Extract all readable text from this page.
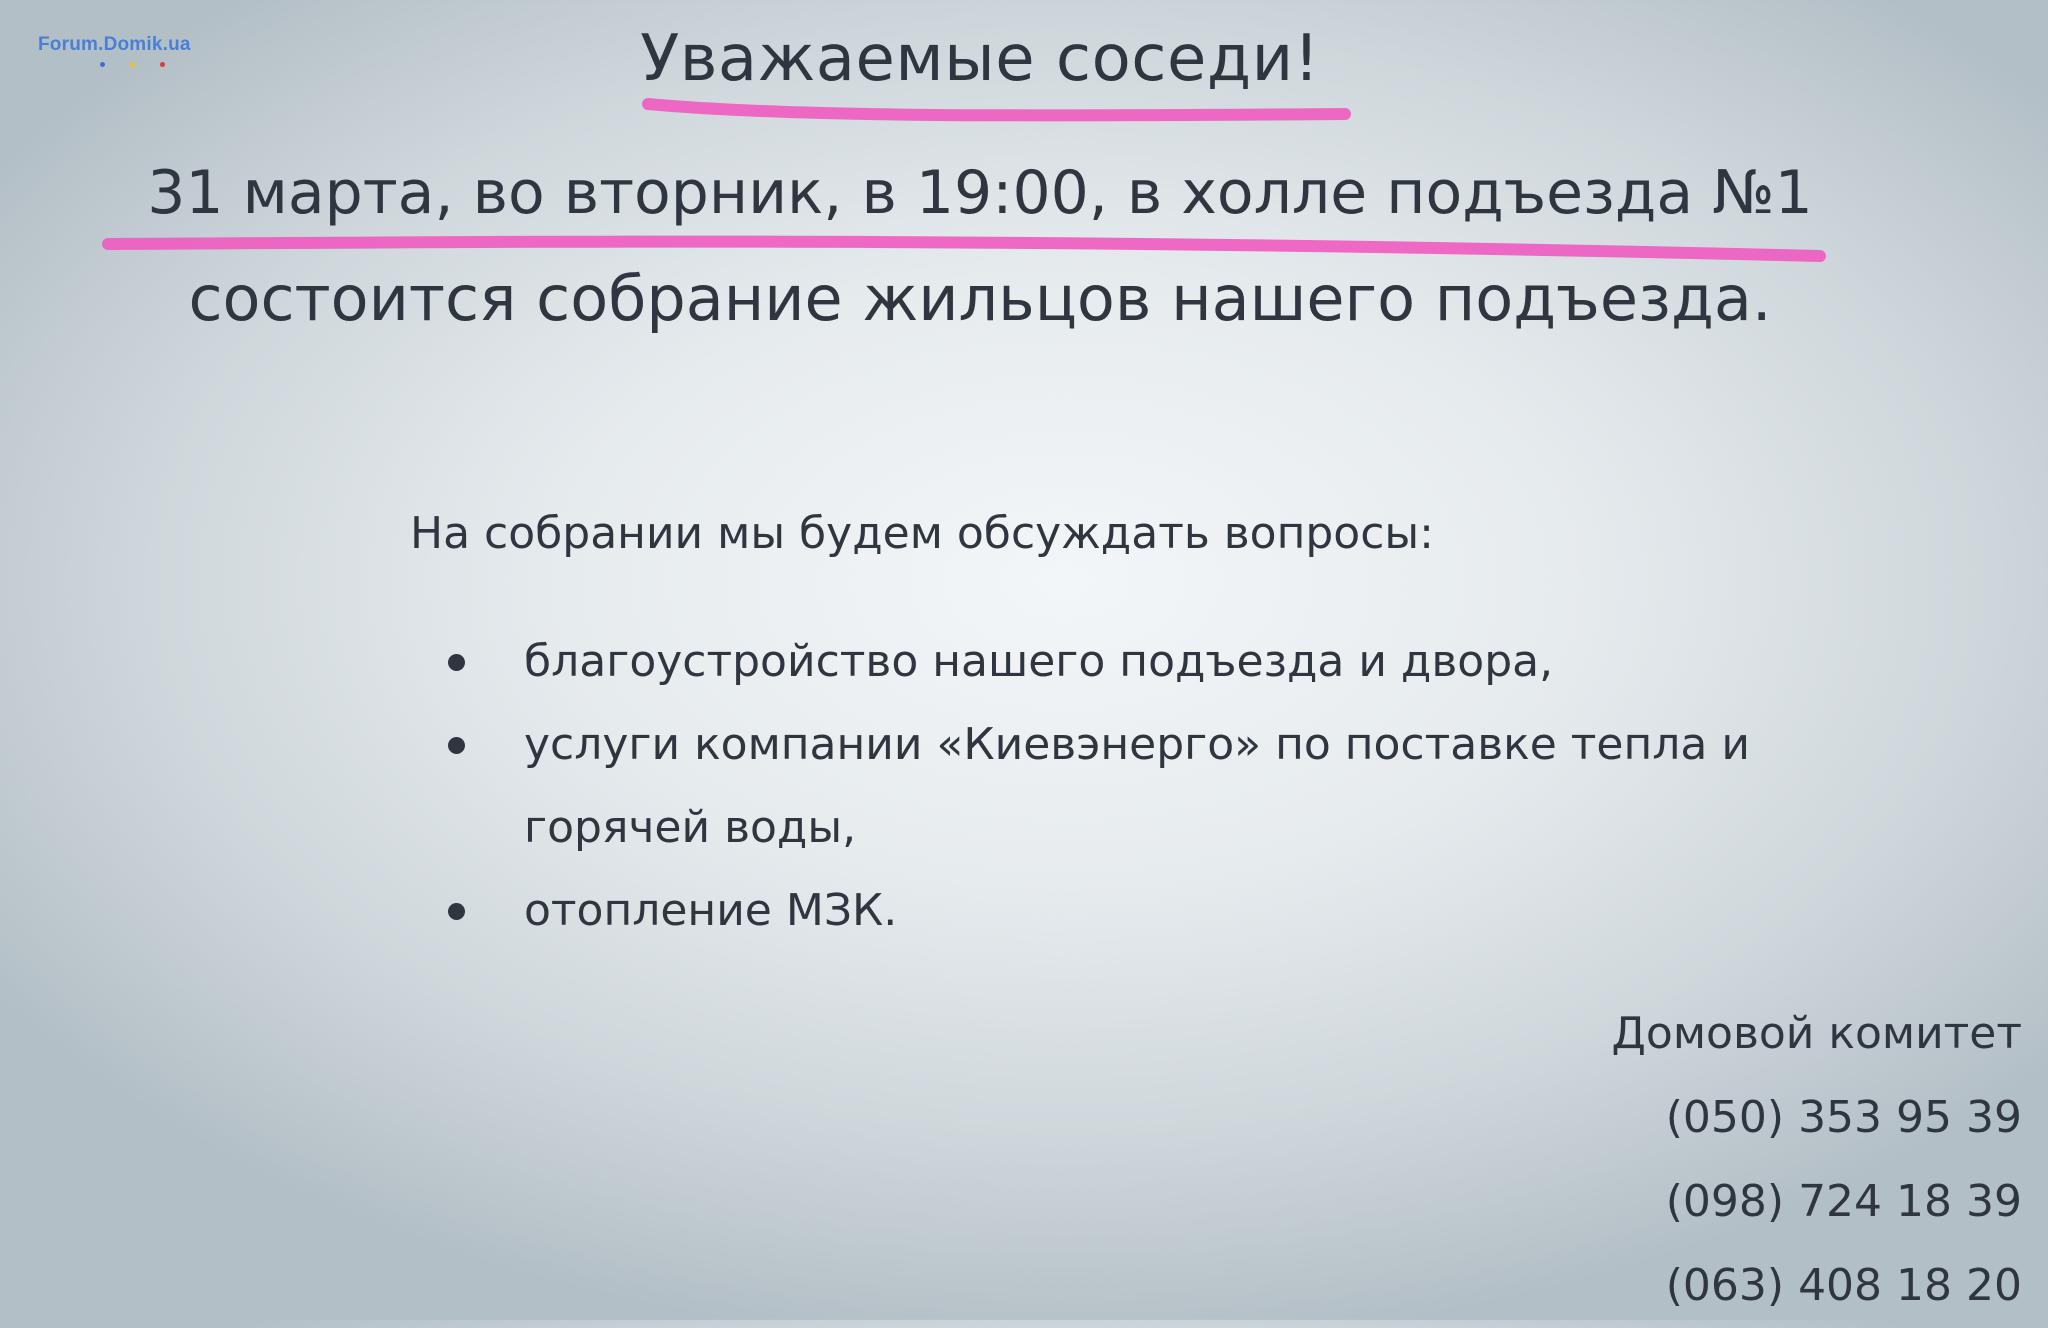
Forum.Domik.ua	Уважаемые соседи!
31 марта, во вторник, в 19:00, в холле подъезда №1
состоится собрание жильцов нашего подъезда.
На собрании мы будем обсуждать вопросы:
благоустройство нашего подъезда и двора,
услуги компании «Киевэнерго» по поставке тепла и горячей воды,
отопление МЗК.
Домовой комитет
(050) 353 95 39
(098) 724 18 39
(063) 408 18 20
